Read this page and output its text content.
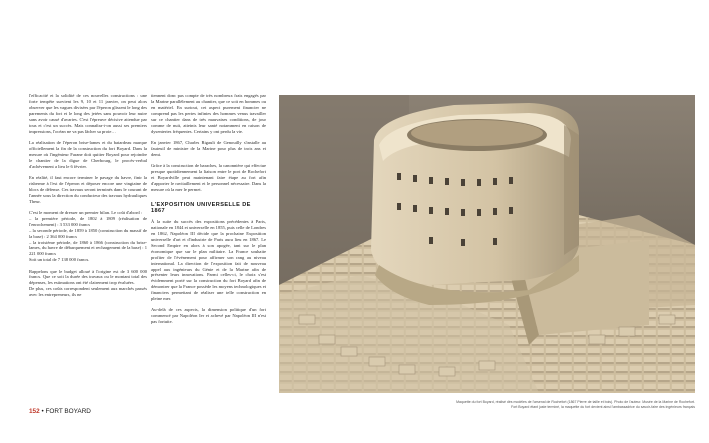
l'efficacité et la solidité de ces nouvelles constructions : une forte tempête survient les 9, 10 et 11 janvier, on peut alors observer que les vagues divisées par l'éperon glissent le long des parements du fort et le long des jetées sans pouvoir leur nuire sans avoir causé d'avaries. C'est l'épreuve décisive attendue par tous et c'est un succès. Mais connaîtra-t-on aussi ses premiers impressions, l'océan ne va pas lâcher sa proie…

La réalisation de l'éperon brise-lames et du batardeau marque officiellement la fin de la construction du fort Boyard. Dans la mesure où l'ingénieur Farane doit quitter Boyard pour rejoindre le chantier de la digue de Cherbourg, le procès-verbal d'achèvement a lieu le 6 février.

En réalité, il faut encore terminer le pavage du havre, finir la risberme à l'est de l'éperon et déposer encore une vingtaine de blocs de défense. Ces travaux seront terminés dans le courant de l'année sous la direction du conducteur des travaux hydrauliques Theur.

C'est le moment de dresser un premier bilan. Le coût d'abord :
– la première période, de 1802 à 1809 (réalisation de l'enrochement) : 3 533 000 francs
– la seconde période, de 1859 à 1850 (construction du massif de la base) : 2 364 000 francs
– la troisième période, de 1860 à 1866 (construction du brise-lames, du havre de débarquement et rechargement de la base) : 1 221 000 francs
Soit un total de 7 138 000 francs.

Rappelons que le budget alloué à l'origine est de 3 600 000 francs. Que ce soit la durée des travaux ou le montant total des dépenses, les estimations ont été clairement trop évaluées.
De plus, ces coûts correspondent seulement aux marchés passés avec les entrepreneurs, ils ne

tiennent donc pas compte de très nombreux frais engagés par la Marine parallèlement au chantier, que ce soit en hommes ou en matériel. En surtout, cet aspect purement financier ne comprend pas les pertes infinies des hommes venus travailler sur ce chantier dans de très mauvaises conditions, de jour comme de nuit, atteints leur santé notamment en raison de dysenteries fréquentes. Certains y ont perdu la vie.

En janvier 1867, Charles Rigault de Genouilly s'installe au fauteuil de ministre de la Marine pour plus de trois ans et demi.

Grâce à la construction de baraches, la canonnière qui effectue presque quotidiennement la liaison entre le port de Rochefort et Boyardville peut maintenant faire étape au fort afin d'apporter le ravitaillement et le personnel nécessaire. Dans la mesure où la mer le permet.

L'EXPOSITION UNIVERSELLE DE 1867

À la suite du succès des expositions précédentes à Paris, nationale en 1844 et universelle en 1855, puis celle de Londres en 1862, Napoléon III décide que la prochaine Exposition universelle d'art et d'industrie de Paris aura lieu en 1867. Le Second Empire en alors à son apogée, tant sur le plan économique que sur le plan militaire. La France souhaite profiter de l'événement pour affirmer son rang au niveau international. La direction de l'exposition fait de nouveau appel aux ingénieurs du Génie et de la Marine afin de présenter leurs innovations. Parmi celles-ci, le choix s'est évidemment porté sur la construction du fort Boyard afin de démontrer que la France possède les moyens technologiques et financiers permettant de réaliser une telle construction en pleine mer.

Au-delà de ces aspects, la dimension politique d'un fort commencé par Napoléon Ier et achevé par Napoléon III n'est pas fortuite.

152 • FORT BOYARD
Maquette du fort Boyard, réalisé dès modèles de l'arsenal de Rochefort (1867 Pierre de taille et bois). Photo de l'auteur. Musée de la Marine de Rochefort.
Fort Boyard étant juste terminé, la maquette du fort devient ainsi l'ambassadrice du savoir-faire des ingénieurs français
